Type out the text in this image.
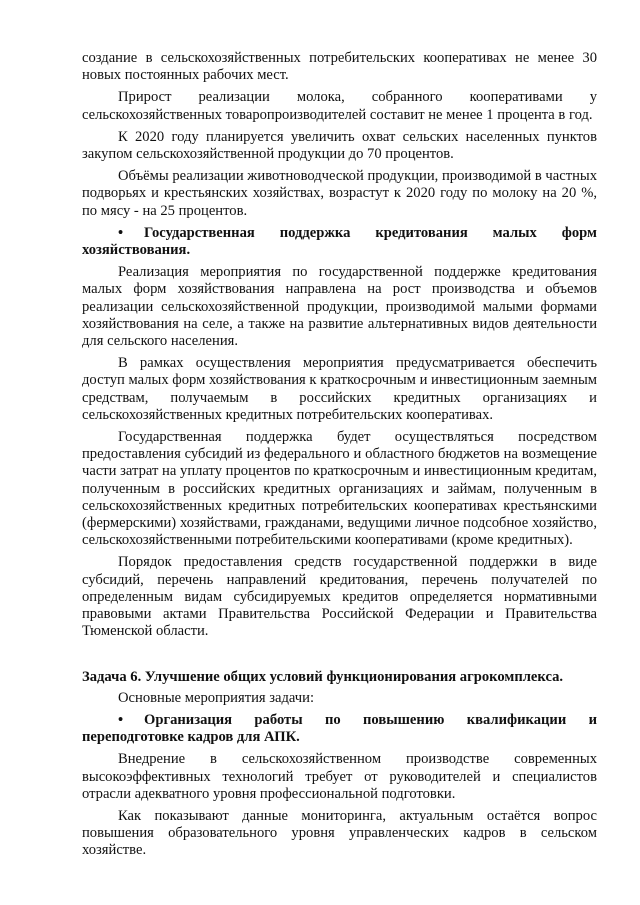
создание в сельскохозяйственных потребительских кооперативах не менее 30 новых постоянных рабочих мест.

Прирост реализации молока, собранного кооперативами у сельскохозяйственных товаропроизводителей составит не менее 1 процента в год.

К 2020 году планируется увеличить охват сельских населенных пунктов закупом сельскохозяйственной продукции до 70 процентов.

Объёмы реализации животноводческой продукции, производимой в частных подворьях и крестьянских хозяйствах, возрастут к 2020 году по молоку на 20 %, по мясу - на 25 процентов.

• Государственная поддержка кредитования малых форм хозяйствования.

Реализация мероприятия по государственной поддержке кредитования малых форм хозяйствования направлена на рост производства и объемов реализации сельскохозяйственной продукции, производимой малыми формами хозяйствования на селе, а также на развитие альтернативных видов деятельности для сельского населения.

В рамках осуществления мероприятия предусматривается обеспечить доступ малых форм хозяйствования к краткосрочным и инвестиционным заемным средствам, получаемым в российских кредитных организациях и сельскохозяйственных кредитных потребительских кооперативах.

Государственная поддержка будет осуществляться посредством предоставления субсидий из федерального и областного бюджетов на возмещение части затрат на уплату процентов по краткосрочным и инвестиционным кредитам, полученным в российских кредитных организациях и займам, полученным в сельскохозяйственных кредитных потребительских кооперативах крестьянскими (фермерскими) хозяйствами, гражданами, ведущими личное подсобное хозяйство, сельскохозяйственными потребительскими кооперативами (кроме кредитных).

Порядок предоставления средств государственной поддержки в виде субсидий, перечень направлений кредитования, перечень получателей по определенным видам субсидируемых кредитов определяется нормативными правовыми актами Правительства Российской Федерации и Правительства Тюменской области.

Задача 6. Улучшение общих условий функционирования агрокомплекса.

Основные мероприятия задачи:

• Организация работы по повышению квалификации и переподготовке кадров для АПК.

Внедрение в сельскохозяйственном производстве современных высокоэффективных технологий требует от руководителей и специалистов отрасли адекватного уровня профессиональной подготовки.

Как показывают данные мониторинга, актуальным остаётся вопрос повышения образовательного уровня управленческих кадров в сельском хозяйстве.
